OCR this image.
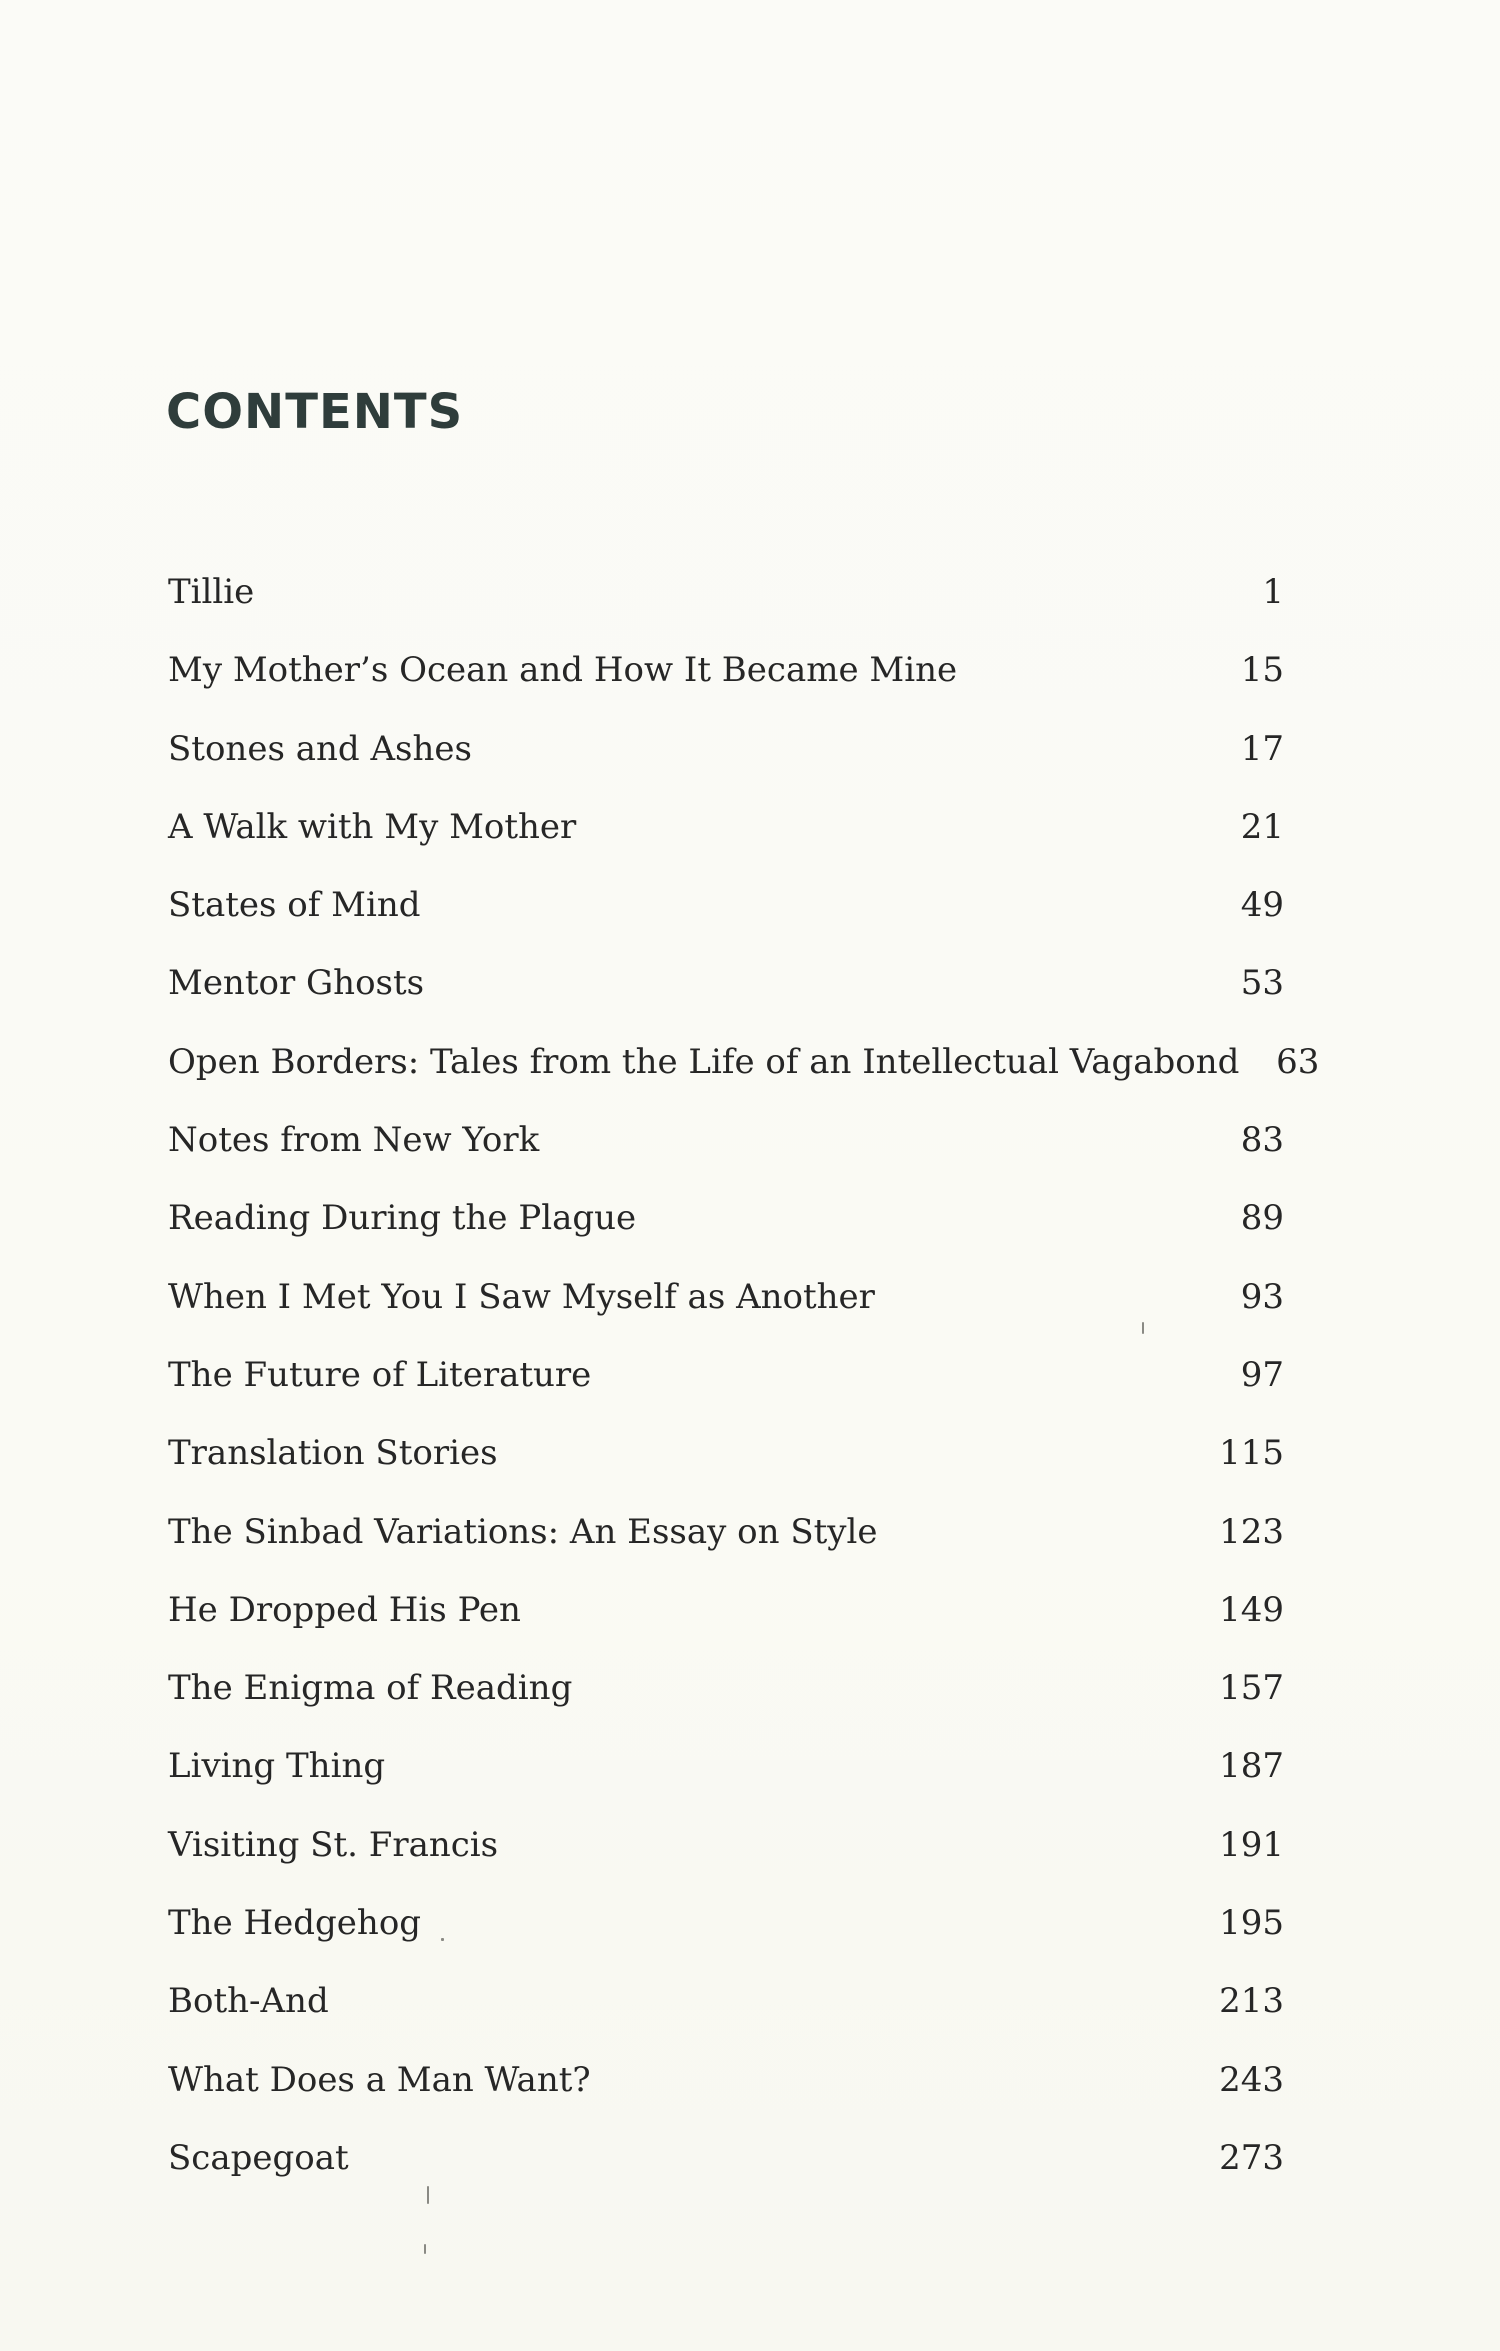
CONTENTS
Tillie	1
My Mother’s Ocean and How It Became Mine	15
Stones and Ashes	17
A Walk with My Mother	21
States of Mind	49
Mentor Ghosts	53
Open Borders: Tales from the Life of an Intellectual Vagabond	63
Notes from New York	83
Reading During the Plague	89
When I Met You I Saw Myself as Another	93
The Future of Literature	97
Translation Stories	115
The Sinbad Variations: An Essay on Style	123
He Dropped His Pen	149
The Enigma of Reading	157
Living Thing	187
Visiting St. Francis	191
The Hedgehog	195
Both-And	213
What Does a Man Want?	243
Scapegoat	273
